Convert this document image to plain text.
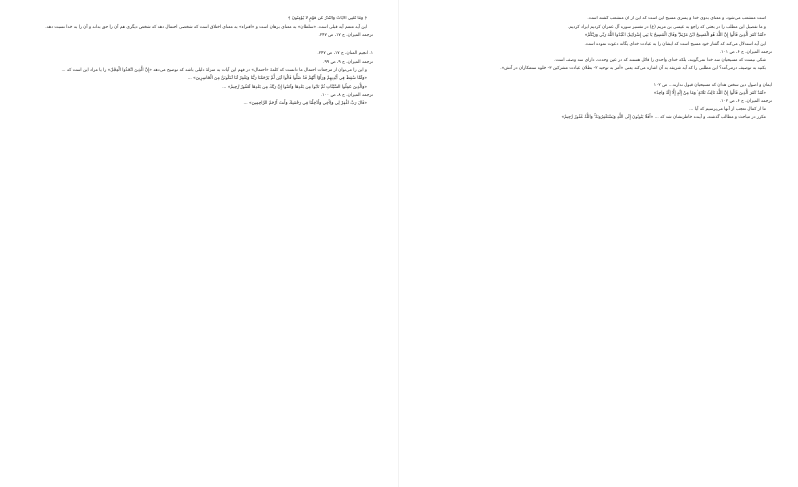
﴿ وَمَا تُغْنِي الْآيَاتُ وَالنُّذُرُ عَن قَوْمٍ لَّا يُؤْمِنُونَ ﴾

این آیه متمم آیه قبلی است. «سلطان» به معنای برهان است و «افتراء» به معنای اختلاق است که شخصی احتمال دهد که شخص دیگری هم آن را حق بداند و آن را به خدا نسبت دهد.

ترجمه المیزان، ج ۱۷، ص ۲۴۷.
۱. انجیم المنان، ج ۱۷، ص ۲۴۷.
ترجمه المیزان، ج ۹، ص ۹۹.

و این را می‌توان از مرجعات احتمال ما دانست که کلمهٔ «احتمال» در فهم این آیات به منزلهٔ دلیلی باشد که توضیح می‌دهد «إِنَّ الَّذِینَ اتَّخَذُوا الْعِجْلَ» را یا مراد این است که ...

«وَلَمَّا سُقِطَ فِي أَيْدِيهِمْ وَرَأَوْا أَنَّهُمْ قَدْ ضَلُّوا قَالُوا لَئِن لَّمْ يَرْحَمْنَا رَبُّنَا وَيَغْفِرْ لَنَا لَنَكُونَنَّ مِنَ الْخَاسِرِينَ» ...

«وَالَّذِينَ عَمِلُوا السَّيِّئَاتِ ثُمَّ تَابُوا مِن بَعْدِهَا وَآمَنُوا إِنَّ رَبَّكَ مِن بَعْدِهَا لَغَفُورٌ رَّحِيمٌ» ...

ترجمه المیزان، ج ۸، ص ۱۰۰.

«قَالَ رَبِّ اغْفِرْ لِي وَلِأَخِي وَأَدْخِلْنَا فِي رَحْمَتِكَ وَأَنتَ أَرْحَمُ الرَّاحِمِينَ» ...

است متشعب می‌شود، و معنای بدوی خدا و پسری مسیح این است که این از آن منشعب گشته است.

و ما تفصیل این مطلب را در بحثی که راجع به عیسی بن مریم (ع) در تفسیر سوره آل عمران کردیم ایراد کردیم.

«لَقَدْ كَفَرَ الَّذِينَ قَالُوا إِنَّ اللَّهَ هُوَ الْمَسِيحُ ابْنُ مَرْيَمَ ۖ وَقَالَ الْمَسِيحُ يَا بَنِي إِسْرَائِيلَ اعْبُدُوا اللَّهَ رَبِّي وَرَبَّكُمْ»

این آیه استدلال می‌کند که گفتار خود مسیح است که ایشان را به عبادت خدای یگانه دعوت نموده است.

ترجمه المیزان، ج ۶، ص ۱۰۱.

شکی نیست که مسیحیان سه خدا نمی‌گویند، بلکه خدای واحدی را قائل هستند که در عین وحدت، دارای سه وصف است.

بکنید به توصیف درمی‌آمد؟ این مطلبی را که آیه شریفه به آن اشاره می‌کند یعنی «أمر به توحید ۲- بطلان عبادت مشرکین ۳- خلوه ستمکاران در آتش».

ایمان و اصول دین سختن هدان که مسیحیان قبول ندارند... ص ۱۰۲

«لَقَدْ كَفَرَ الَّذِينَ قَالُوا إِنَّ اللَّهَ ثَالِثُ ثَلَاثَةٍ ۘ وَمَا مِنْ إِلَٰهٍ إِلَّا إِلَٰهٌ وَاحِدٌ»

ترجمه المیزان، ج ۶، ص ۱۰۲.

ما از کمال تعجب از آنها می‌پرسیم که آیا ...

مکرر در مباحث و مطالب گذشته، و آینده خاطرنشان شد که ... «أَفَلَا يَتُوبُونَ إِلَى اللَّهِ وَيَسْتَغْفِرُونَهُ ۚ وَاللَّهُ غَفُورٌ رَّحِيمٌ»
